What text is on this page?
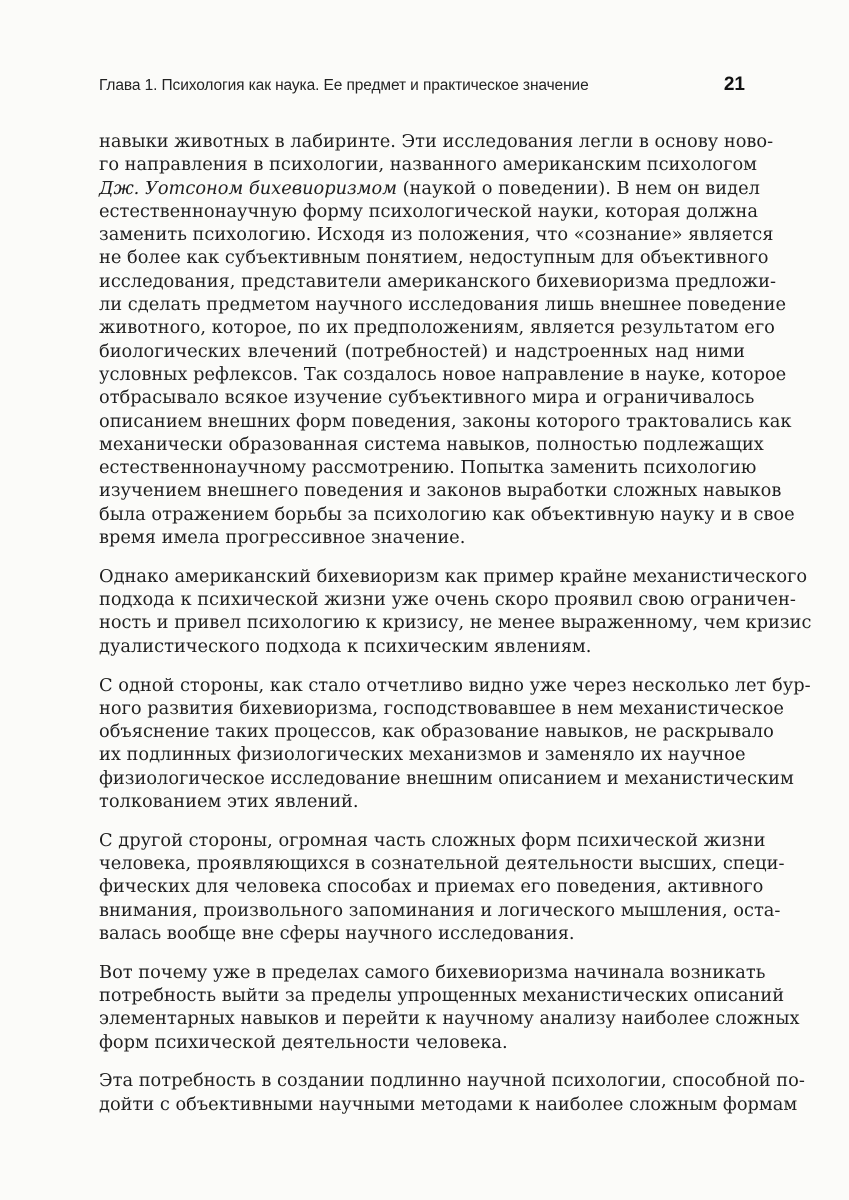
Глава 1. Психология как наука. Ее предмет и практическое значение	21
навыки животных в лабиринте. Эти исследования легли в основу ново-
го направления в психологии, названного американским психологом
Дж. Уотсоном бихевиоризмом (наукой о поведении). В нем он видел
естественнонаучную форму психологической науки, которая должна
заменить психологию. Исходя из положения, что «сознание» является
не более как субъективным понятием, недоступным для объективного
исследования, представители американского бихевиоризма предложи-
ли сделать предметом научного исследования лишь внешнее поведение
животного, которое, по их предположениям, является результатом его
биологических влечений (потребностей) и надстроенных над ними
условных рефлексов. Так создалось новое направление в науке, которое
отбрасывало всякое изучение субъективного мира и ограничивалось
описанием внешних форм поведения, законы которого трактовались как
механически образованная система навыков, полностью подлежащих
естественнонаучному рассмотрению. Попытка заменить психологию
изучением внешнего поведения и законов выработки сложных навыков
была отражением борьбы за психологию как объективную науку и в свое
время имела прогрессивное значение.
Однако американский бихевиоризм как пример крайне механистического
подхода к психической жизни уже очень скоро проявил свою ограничен-
ность и привел психологию к кризису, не менее выраженному, чем кризис
дуалистического подхода к психическим явлениям.
С одной стороны, как стало отчетливо видно уже через несколько лет бур-
ного развития бихевиоризма, господствовавшее в нем механистическое
объяснение таких процессов, как образование навыков, не раскрывало
их подлинных физиологических механизмов и заменяло их научное
физиологическое исследование внешним описанием и механистическим
толкованием этих явлений.
С другой стороны, огромная часть сложных форм психической жизни
человека, проявляющихся в сознательной деятельности высших, специ-
фических для человека способах и приемах его поведения, активного
внимания, произвольного запоминания и логического мышления, оста-
валась вообще вне сферы научного исследования.
Вот почему уже в пределах самого бихевиоризма начинала возникать
потребность выйти за пределы упрощенных механистических описаний
элементарных навыков и перейти к научному анализу наиболее сложных
форм психической деятельности человека.
Эта потребность в создании подлинно научной психологии, способной по-
дойти с объективными научными методами к наиболее сложным формам
